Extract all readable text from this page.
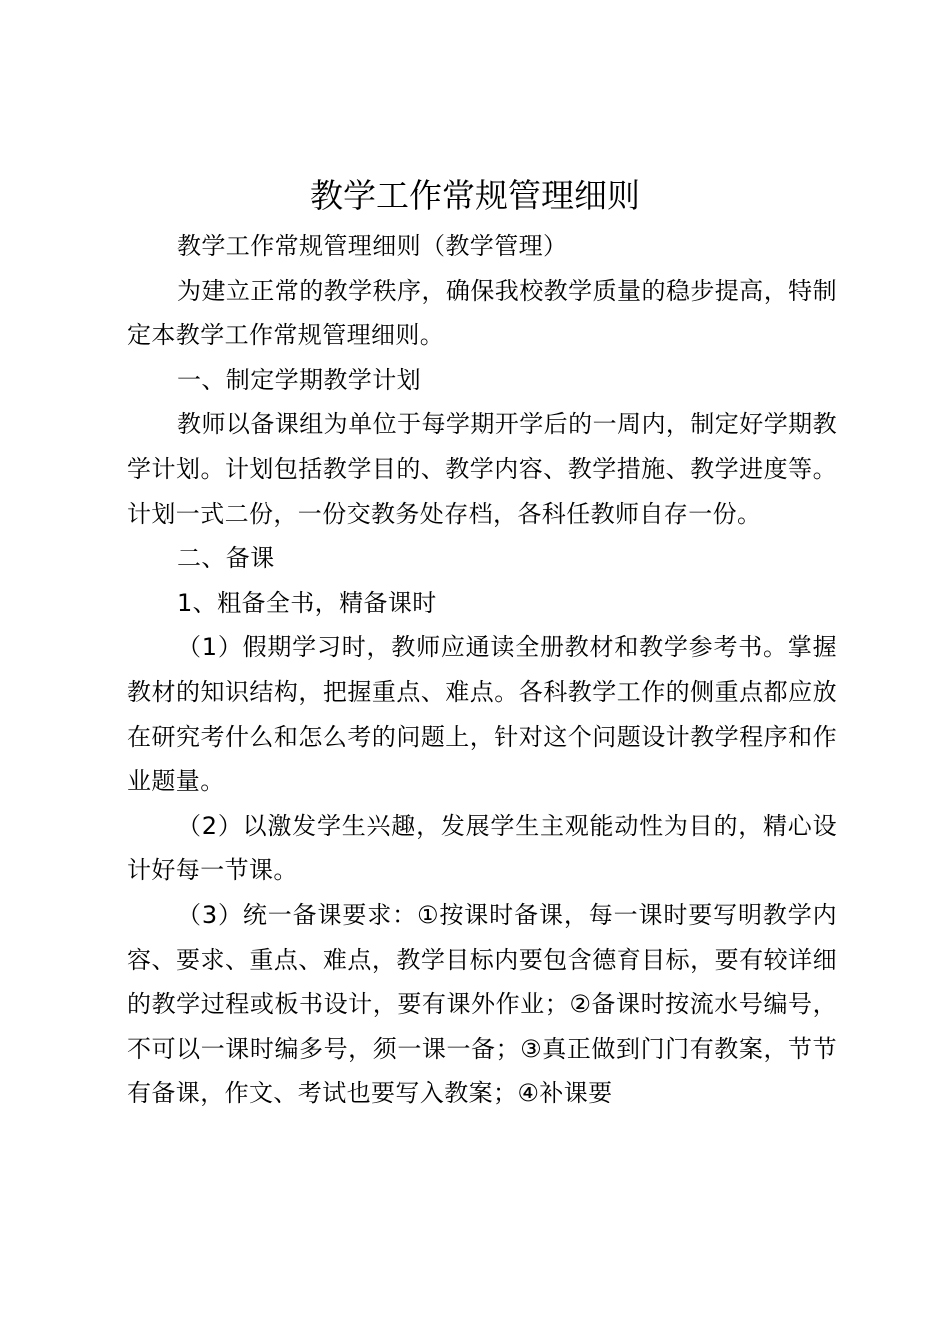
教学工作常规管理细则

教学工作常规管理细则（教学管理）

为建立正常的教学秩序，确保我校教学质量的稳步提高，特制定本教学工作常规管理细则。

一、制定学期教学计划

教师以备课组为单位于每学期开学后的一周内，制定好学期教学计划。计划包括教学目的、教学内容、教学措施、教学进度等。计划一式二份，一份交教务处存档，各科任教师自存一份。

二、备课

1、粗备全书，精备课时

（1）假期学习时，教师应通读全册教材和教学参考书。掌握教材的知识结构，把握重点、难点。各科教学工作的侧重点都应放在研究考什么和怎么考的问题上，针对这个问题设计教学程序和作业题量。

（2）以激发学生兴趣，发展学生主观能动性为目的，精心设计好每一节课。

（3）统一备课要求：①按课时备课，每一课时要写明教学内容、要求、重点、难点，教学目标内要包含德育目标，要有较详细的教学过程或板书设计，要有课外作业；②备课时按流水号编号，不可以一课时编多号，须一课一备；③真正做到门门有教案，节节有备课，作文、考试也要写入教案；④补课要
